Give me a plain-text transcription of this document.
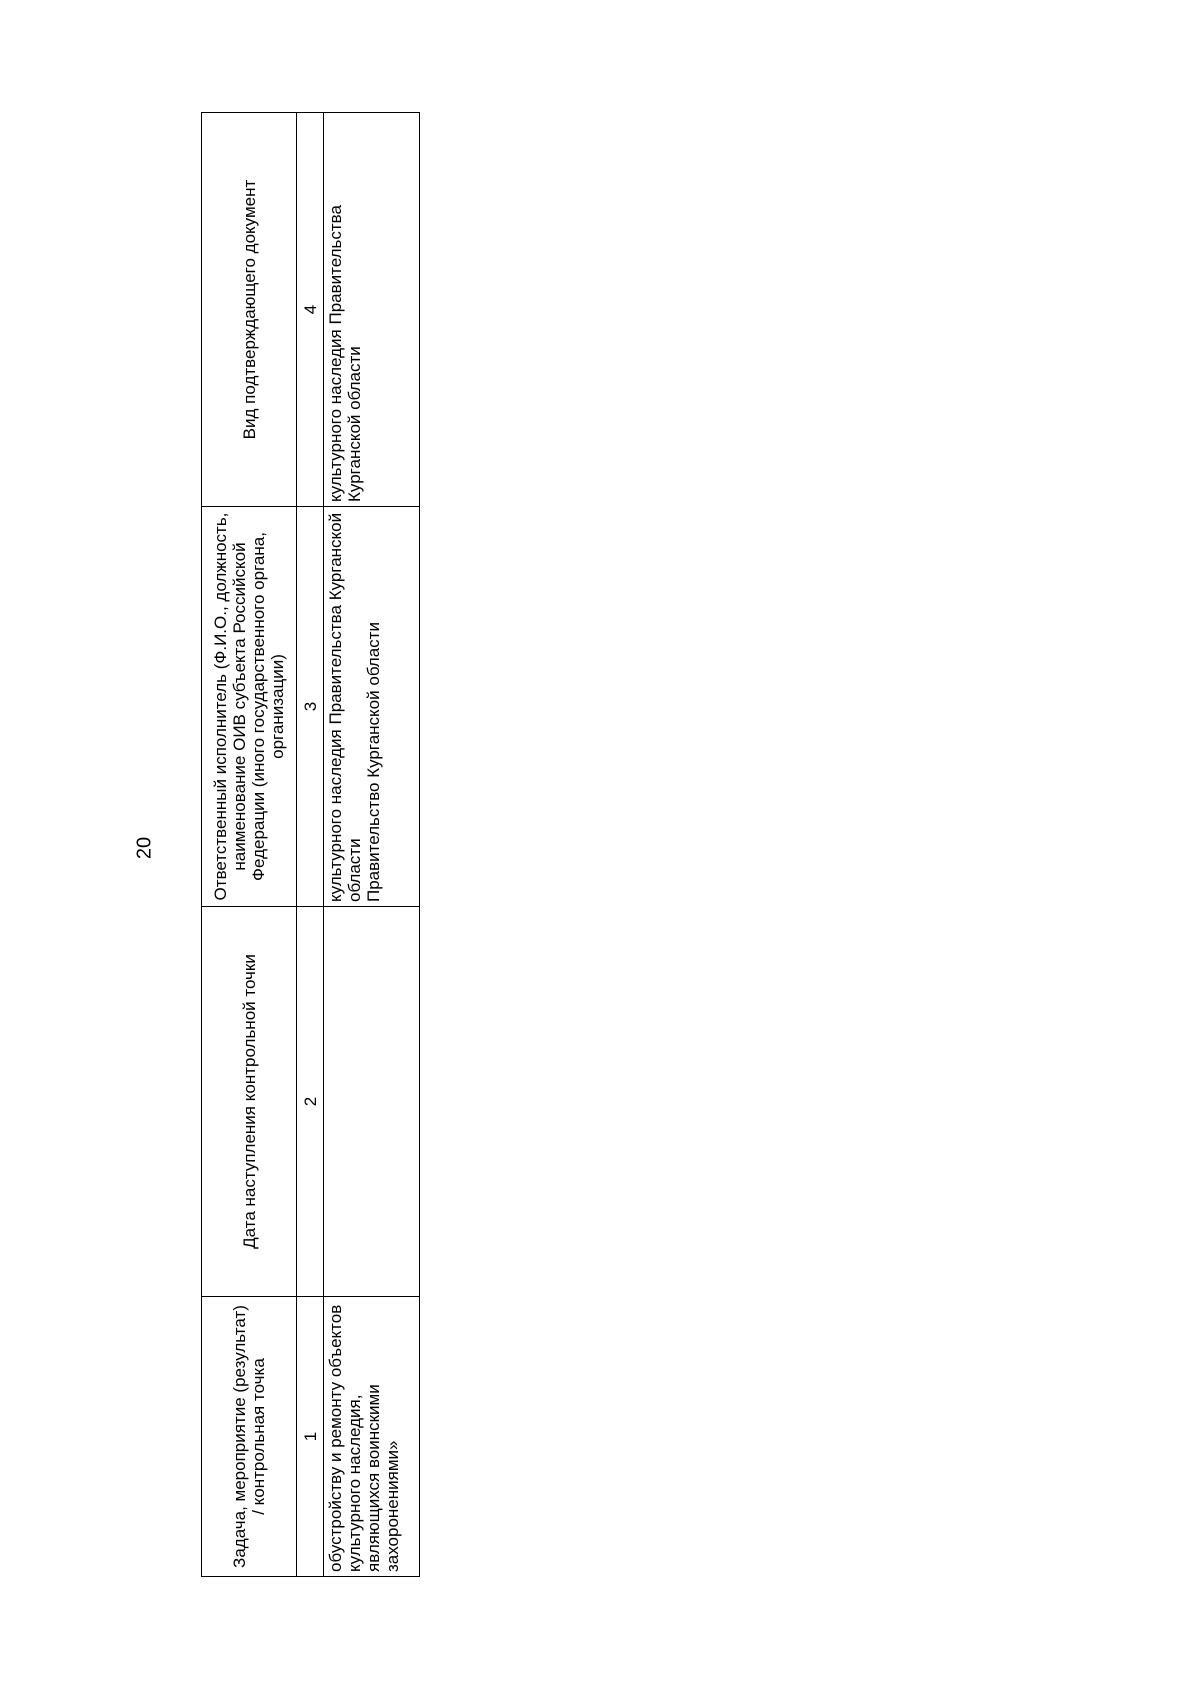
20
Задача, мероприятие (результат) / контрольная точка	Дата наступления контрольной точки	Ответственный исполнитель (Ф.И.О., должность, наименование ОИВ субъекта Российской Федерации (иного государственного органа, организации)	Вид подтверждающего документ
1	2	3	4
обустройству и ремонту объектов культурного наследия, являющихся воинскими захоронениями»		культурного наследия Правительства Курганской области Правительство Курганской области	культурного наследия Правительства Курганской области
